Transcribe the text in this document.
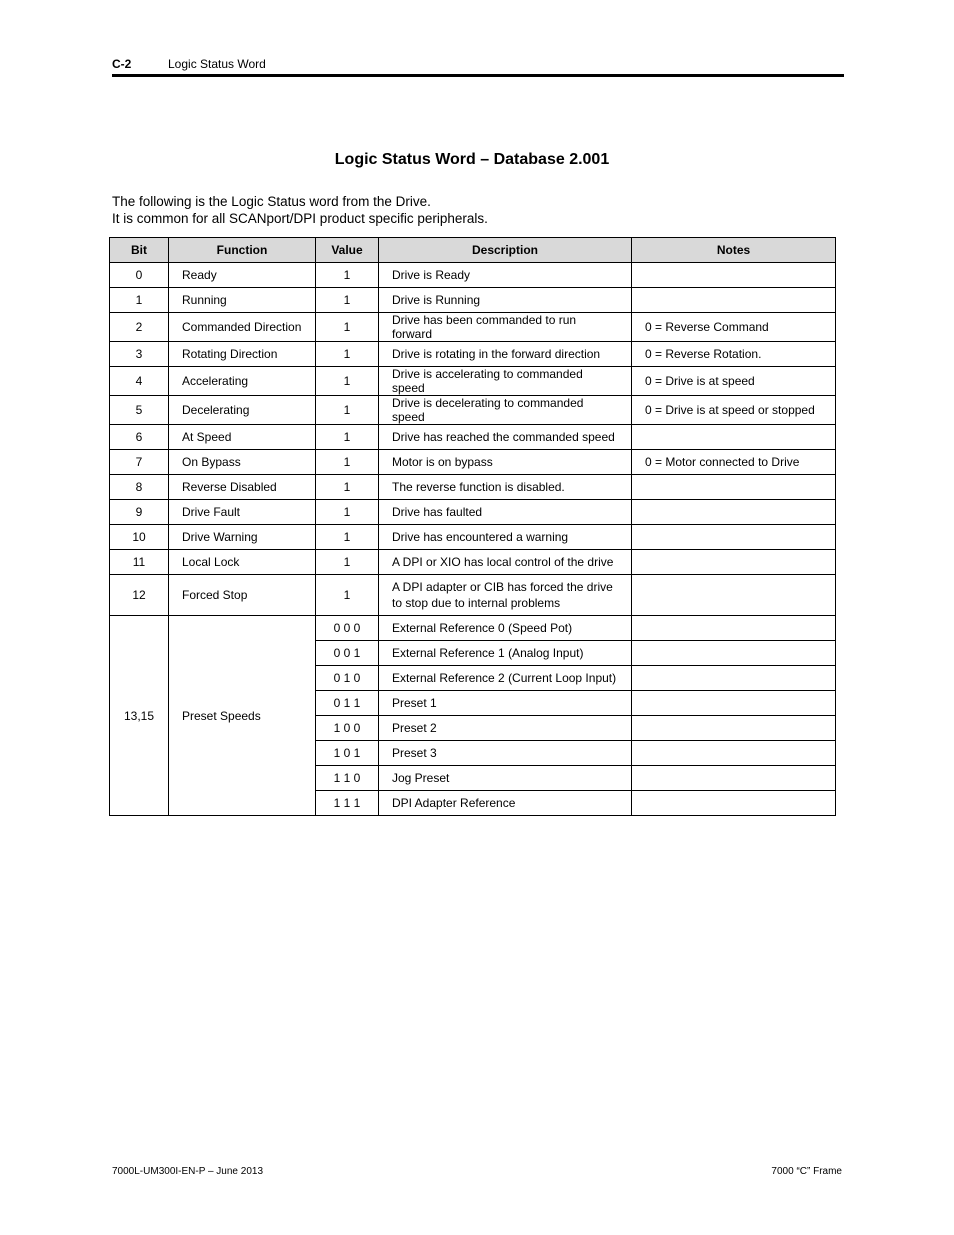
C-2	Logic Status Word
Logic Status Word – Database 2.001

The following is the Logic Status word from the Drive.

It is common for all SCANport/DPI product specific peripherals.

Bit	Function	Value	Description	Notes
0	Ready	1	Drive is Ready	
1	Running	1	Drive is Running	
2	Commanded Direction	1	Drive has been commanded to run forward	0 = Reverse Command
3	Rotating Direction	1	Drive is rotating in the forward direction	0 = Reverse Rotation.
4	Accelerating	1	Drive is accelerating to commanded speed	0 = Drive is at speed
5	Decelerating	1	Drive is decelerating to commanded speed	0 = Drive is at speed or stopped
6	At Speed	1	Drive has reached the commanded speed	
7	On Bypass	1	Motor is on bypass	0 = Motor connected to Drive
8	Reverse Disabled	1	The reverse function is disabled.	
9	Drive Fault	1	Drive has faulted	
10	Drive Warning	1	Drive has encountered a warning	
11	Local Lock	1	A DPI or XIO has local control of the drive	
12	Forced Stop	1	A DPI adapter or CIB has forced the drive to stop due to internal problems	
13,15	Preset Speeds	0 0 0	External Reference 0 (Speed Pot)	
		0 0 1	External Reference 1 (Analog Input)	
		0 1 0	External Reference 2 (Current Loop Input)	
		0 1 1	Preset 1	
		1 0 0	Preset 2	
		1 0 1	Preset 3	
		1 1 0	Jog Preset	
		1 1 1	DPI Adapter Reference	
7000L-UM300I-EN-P – June 2013	7000 “C” Frame
